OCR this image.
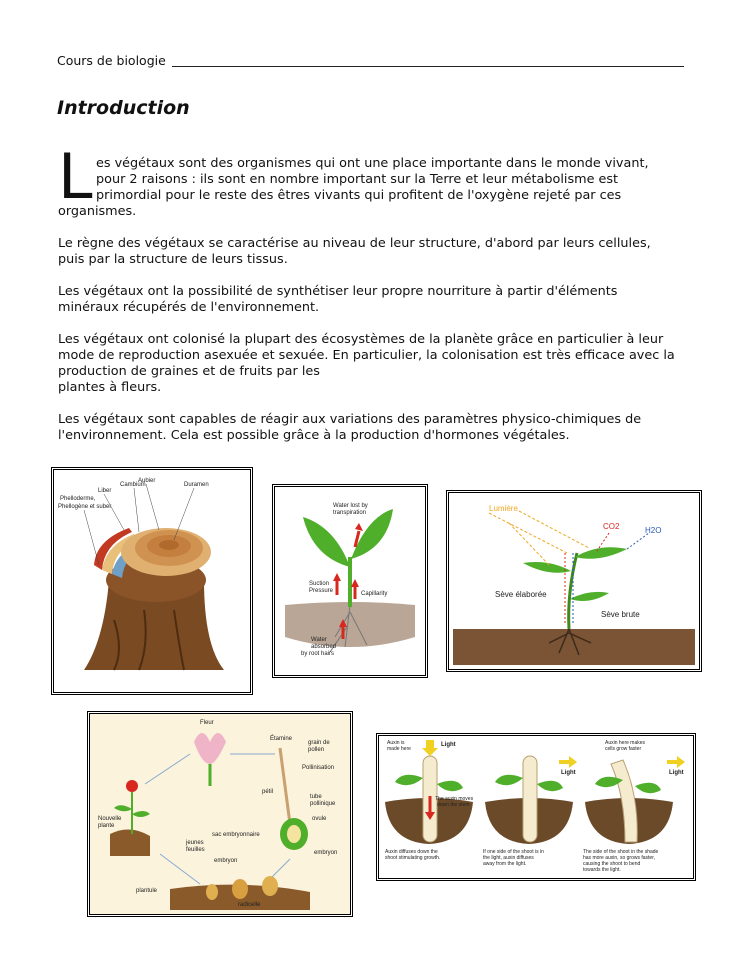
Cours de biologie
Introduction
L es végétaux sont des organismes qui ont une place importante dans le monde vivant,
pour 2 raisons : ils sont en nombre important sur la Terre et leur métabolisme est
primordial pour le reste des êtres vivants qui profitent de l'oxygène rejeté par ces
organismes.
Le règne des végétaux se caractérise au niveau de leur structure, d'abord par leurs cellules,
puis par la structure de leurs tissus.
Les végétaux ont la possibilité de synthétiser leur propre nourriture à partir d'éléments
minéraux récupérés de l'environnement.
Les végétaux ont colonisé la plupart des écosystèmes de la planète grâce en particulier à leur
mode de reproduction asexuée et sexuée. En particulier, la colonisation est très efficace avec la
production de graines et de fruits par les
plantes à fleurs.
Les végétaux sont capables de réagir aux variations des paramètres physico-chimiques de
l'environnement. Cela est possible grâce à la production d'hormones végétales.
Aubier
Cambium	Duramen
Liber
Phelloderme,
Phellogène et suber	Water lost by
transpiration
Suction
Pressure	Capillarity
Water
absorbed
by root hairs
Lumière
CO2	H2O
Sève élaborée
Sève brute
Fleur
Étamine
grain de
pollen
Pollinisation
pétil
tube
pollinique
ovule
Nouvelle
plante
sac embryonnaire
embryon
jeunes
feuilles
embryon
plantule
radicelle
Auxin is
made here
Light
The auxin moves
down the stem
Light
Auxin here makes
cells grow faster
Light
Auxin diffuses down the
shoot stimulating growth.
If one side of the shoot is in
the light, auxin diffuses
away from the light.
The side of the shoot in the shade
has more auxin, so grows faster,
causing the shoot to bend
towards the light.
